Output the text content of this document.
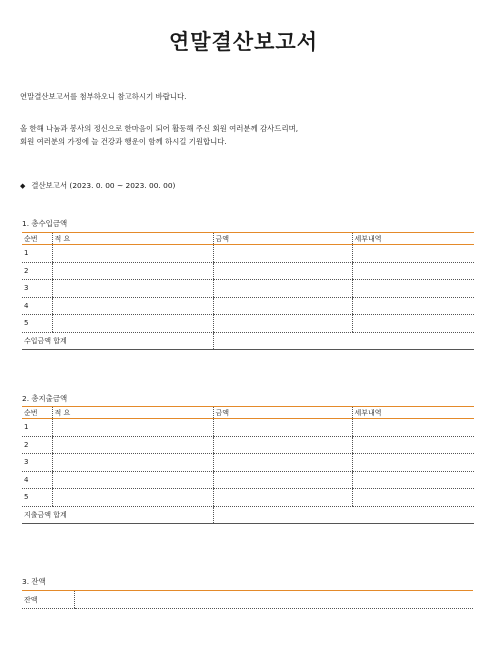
연말결산보고서
연말결산보고서를 첨부하오니 참고하시기 바랍니다.
올 한해 나눔과 봉사의 정신으로 한마음이 되어 활동해 주신 회원 여러분께 감사드리며,
회원 여러분의 가정에 늘 건강과 행운이 함께 하시길 기원합니다.
◆ 결산보고서 (2023. 0. 00 ~ 2023. 00. 00)
1. 총수입금액
순번	적 요	금액	세부내역
1			
2			
3			
4			
5			
수입금액 합계			
2. 총지출금액
순번	적 요	금액	세부내역
1			
2			
3			
4			
5			
지출금액 합계			
3. 잔액
잔액	
